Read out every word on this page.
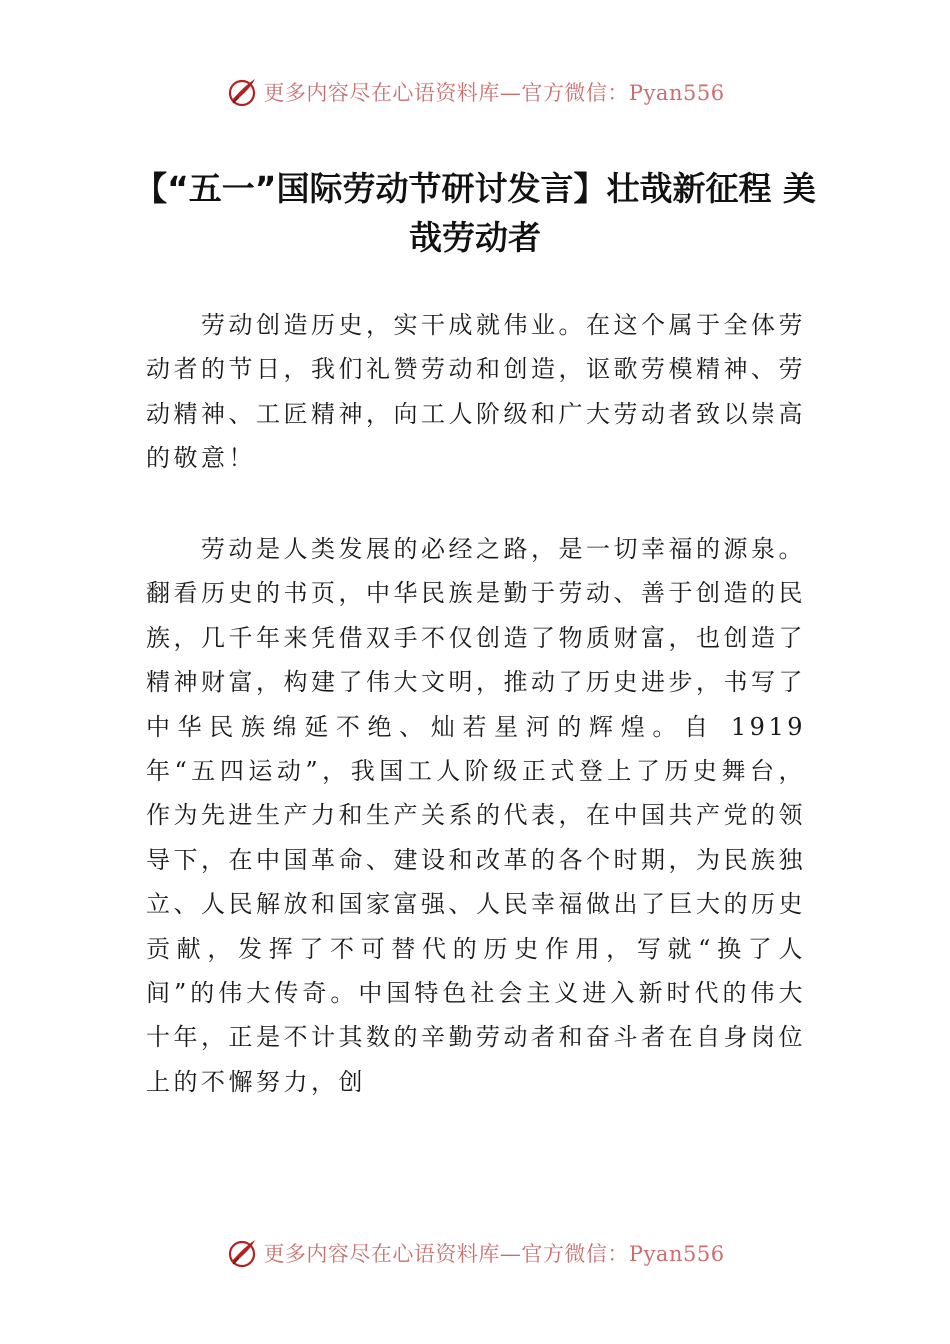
更多内容尽在心语资料库—官方微信：Pyan556
【“五一”国际劳动节研讨发言】壮哉新征程 美哉劳动者

劳动创造历史，实干成就伟业。在这个属于全体劳动者的节日，我们礼赞劳动和创造，讴歌劳模精神、劳动精神、工匠精神，向工人阶级和广大劳动者致以崇高的敬意！

劳动是人类发展的必经之路，是一切幸福的源泉。翻看历史的书页，中华民族是勤于劳动、善于创造的民族，几千年来凭借双手不仅创造了物质财富，也创造了精神财富，构建了伟大文明，推动了历史进步，书写了中华民族绵延不绝、灿若星河的辉煌。自 1919 年“五四运动”，我国工人阶级正式登上了历史舞台，作为先进生产力和生产关系的代表，在中国共产党的领导下，在中国革命、建设和改革的各个时期，为民族独立、人民解放和国家富强、人民幸福做出了巨大的历史贡献，发挥了不可替代的历史作用，写就“换了人间”的伟大传奇。中国特色社会主义进入新时代的伟大十年，正是不计其数的辛勤劳动者和奋斗者在自身岗位上的不懈努力，创

更多内容尽在心语资料库—官方微信：Pyan556
